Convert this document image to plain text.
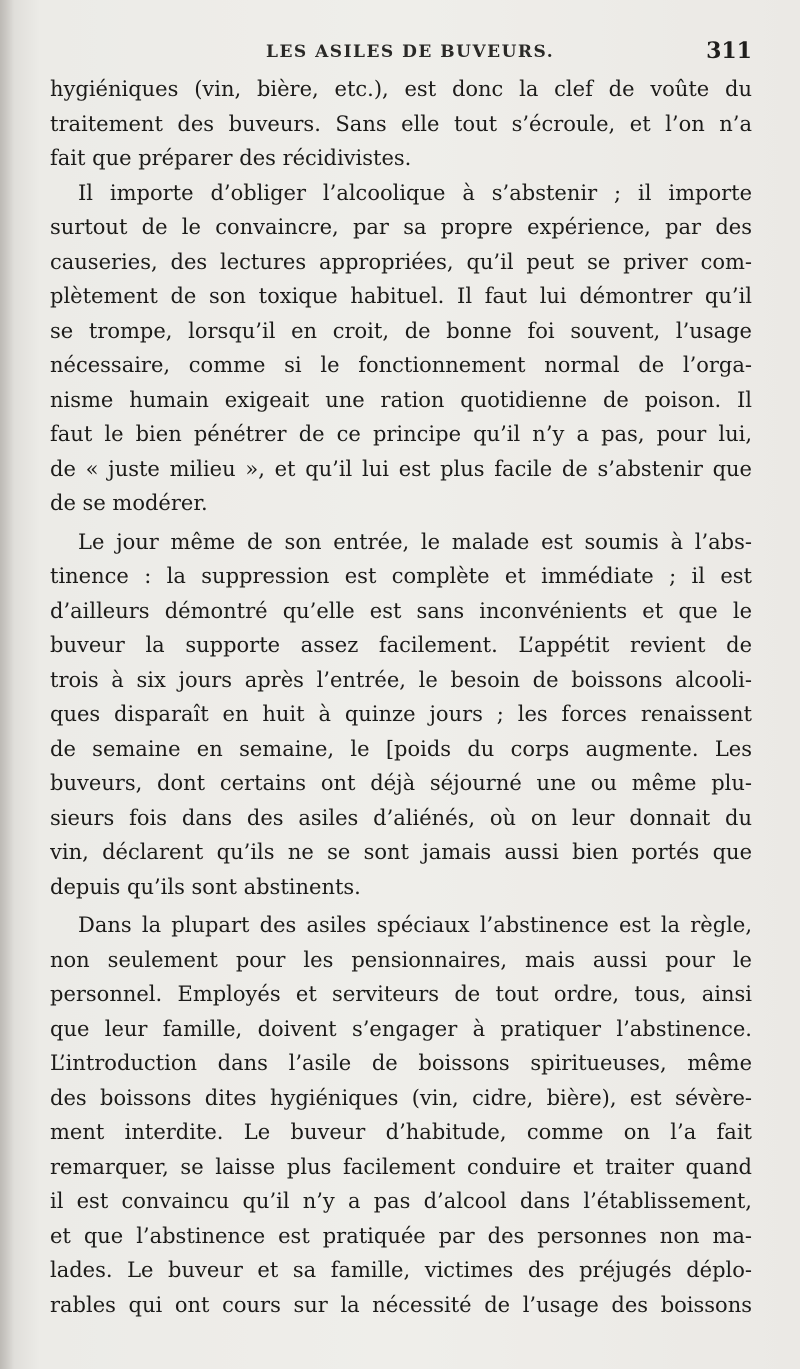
LES ASILES DE BUVEURS.	311
hygiéniques (vin, bière, etc.), est donc la clef de voûte du
traitement des buveurs. Sans elle tout s’écroule, et l’on n’a
fait que préparer des récidivistes.
Il importe d’obliger l’alcoolique à s’abstenir ; il importe
surtout de le convaincre, par sa propre expérience, par des
causeries, des lectures appropriées, qu’il peut se priver com-
plètement de son toxique habituel. Il faut lui démontrer qu’il
se trompe, lorsqu’il en croit, de bonne foi souvent, l’usage
nécessaire, comme si le fonctionnement normal de l’orga-
nisme humain exigeait une ration quotidienne de poison. Il
faut le bien pénétrer de ce principe qu’il n’y a pas, pour lui,
de « juste milieu », et qu’il lui est plus facile de s’abstenir que
de se modérer.
Le jour même de son entrée, le malade est soumis à l’abs-
tinence : la suppression est complète et immédiate ; il est
d’ailleurs démontré qu’elle est sans inconvénients et que le
buveur la supporte assez facilement. L’appétit revient de
trois à six jours après l’entrée, le besoin de boissons alcooli-
ques disparaît en huit à quinze jours ; les forces renaissent
de semaine en semaine, le [poids du corps augmente. Les
buveurs, dont certains ont déjà séjourné une ou même plu-
sieurs fois dans des asiles d’aliénés, où on leur donnait du
vin, déclarent qu’ils ne se sont jamais aussi bien portés que
depuis qu’ils sont abstinents.
Dans la plupart des asiles spéciaux l’abstinence est la règle,
non seulement pour les pensionnaires, mais aussi pour le
personnel. Employés et serviteurs de tout ordre, tous, ainsi
que leur famille, doivent s’engager à pratiquer l’abstinence.
L’introduction dans l’asile de boissons spiritueuses, même
des boissons dites hygiéniques (vin, cidre, bière), est sévère-
ment interdite. Le buveur d’habitude, comme on l’a fait
remarquer, se laisse plus facilement conduire et traiter quand
il est convaincu qu’il n’y a pas d’alcool dans l’établissement,
et que l’abstinence est pratiquée par des personnes non ma-
lades. Le buveur et sa famille, victimes des préjugés déplo-
rables qui ont cours sur la nécessité de l’usage des boissons
